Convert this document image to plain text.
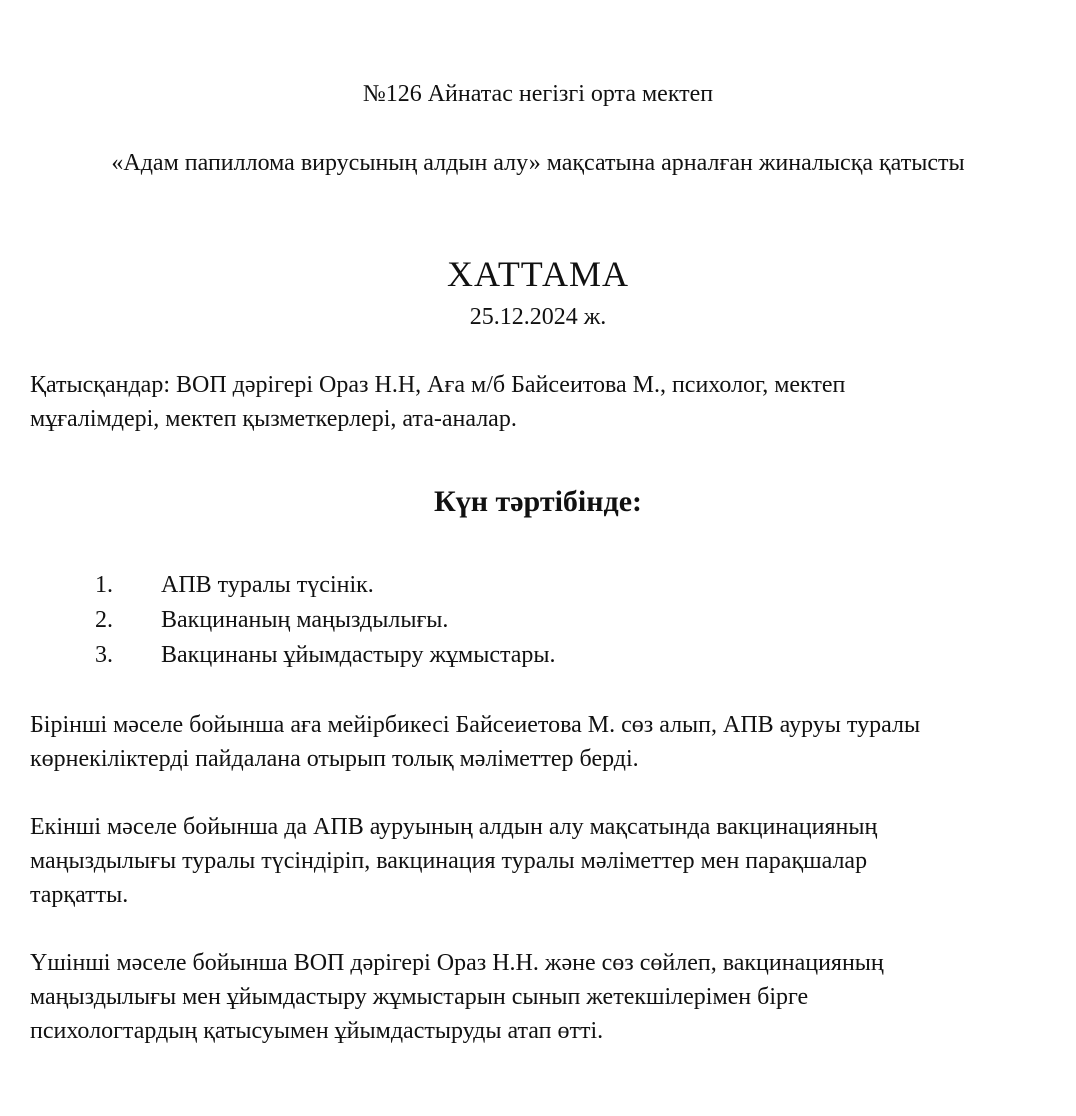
№126 Айнатас негізгі орта мектеп
«Адам папиллома вирусының алдын алу» мақсатына арналған жиналысқа қатысты
ХАТТАМА
25.12.2024 ж.
Қатысқандар: ВОП дәрігері Ораз Н.Н, Аға м/б Байсеитова М., психолог, мектеп
мұғалімдері, мектеп қызметкерлері, ата-аналар.
Күн тәртібінде:
1.	АПВ туралы түсінік.
2.	Вакцинаның маңыздылығы.
3.	Вакцинаны ұйымдастыру жұмыстары.
Бірінші мәселе бойынша аға мейірбикесі Байсеиетова М. сөз алып, АПВ ауруы туралы
көрнекіліктерді пайдалана отырып толық мәліметтер берді.
Екінші мәселе бойынша да АПВ ауруының алдын алу мақсатында вакцинацияның
маңыздылығы туралы түсіндіріп, вакцинация туралы мәліметтер мен парақшалар
тарқатты.
Үшінші мәселе бойынша ВОП дәрігері Ораз Н.Н. және сөз сөйлеп, вакцинацияның
маңыздылығы мен ұйымдастыру жұмыстарын сынып жетекшілерімен бірге
психологтардың қатысуымен ұйымдастыруды атап өтті.
